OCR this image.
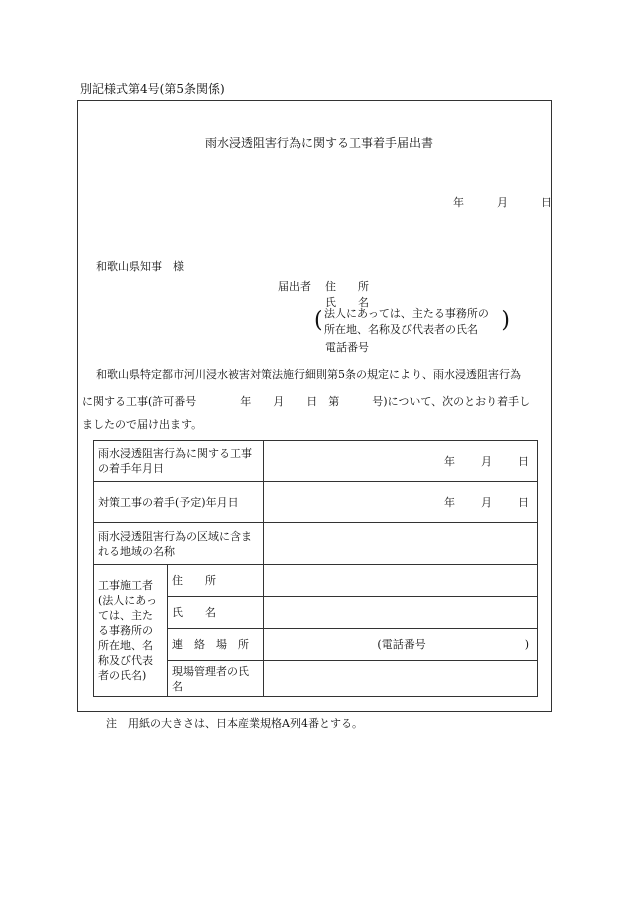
別記様式第4号(第5条関係)
雨水浸透阻害行為に関する工事着手届出書
年	月	日
和歌山県知事　様
届出者 住　　所
氏　　名
( 法人にあっては、主たる事務所の
所在地、名称及び代表者の氏名 )
電話番号
和歌山県特定都市河川浸水被害対策法施行細則第5条の規定により、雨水浸透阻害行為
に関する工事(許可番号　　　　年　　月　　日　第　　　号)について、次のとおり着手し
ましたので届け出ます。
雨水浸透阻害行為に関する工事の着手年月日		年 月 日
対策工事の着手(予定)年月日		年 月 日
雨水浸透阻害行為の区域に含まれる地域の名称		
工事施工者(法人にあっては、主たる事務所の所在地、名称及び代表者の氏名)	住　　所	
	氏　　名	
	連　絡　場　所	(電話番号　　　　　　　　　)
	現場管理者の氏　　　名	
注　用紙の大きさは、日本産業規格A列4番とする。
